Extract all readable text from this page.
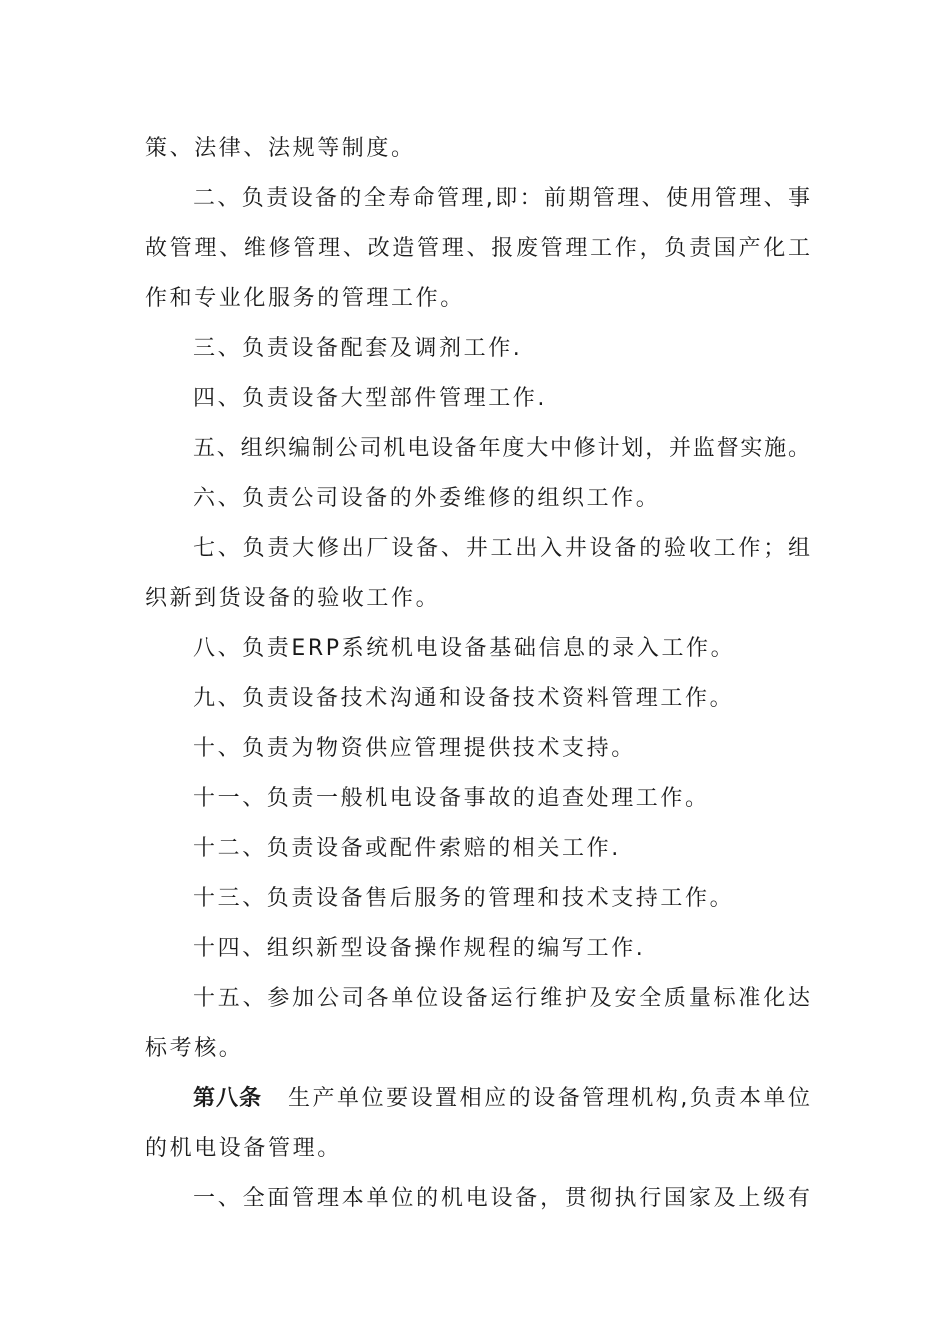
策、法律、法规等制度。
二、负责设备的全寿命管理,即：前期管理、使用管理、事
故管理、维修管理、改造管理、报废管理工作，负责国产化工
作和专业化服务的管理工作。
三、负责设备配套及调剂工作.
四、负责设备大型部件管理工作.
五、组织编制公司机电设备年度大中修计划，并监督实施。
六、负责公司设备的外委维修的组织工作。
七、负责大修出厂设备、井工出入井设备的验收工作；组
织新到货设备的验收工作。
八、负责ERP系统机电设备基础信息的录入工作。
九、负责设备技术沟通和设备技术资料管理工作。
十、负责为物资供应管理提供技术支持。
十一、负责一般机电设备事故的追查处理工作。
十二、负责设备或配件索赔的相关工作.
十三、负责设备售后服务的管理和技术支持工作。
十四、组织新型设备操作规程的编写工作.
十五、参加公司各单位设备运行维护及安全质量标准化达
标考核。
第八条 生产单位要设置相应的设备管理机构,负责本单位
的机电设备管理。
一、全面管理本单位的机电设备，贯彻执行国家及上级有
